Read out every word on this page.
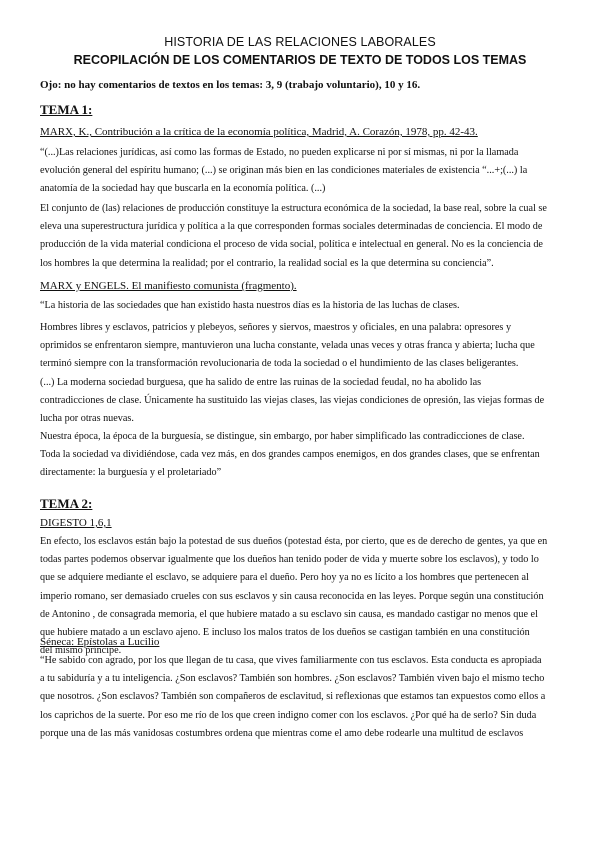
HISTORIA DE LAS RELACIONES LABORALES
RECOPILACIÓN DE LOS COMENTARIOS DE TEXTO DE TODOS LOS TEMAS
Ojo: no hay comentarios de textos en los temas: 3, 9 (trabajo voluntario), 10 y 16.
TEMA 1:
MARX, K., Contribución a la crítica de la economía política, Madrid, A. Corazón, 1978, pp. 42-43.
“(...)Las relaciones jurídicas, así como las formas de Estado, no pueden explicarse ni por sí mismas, ni por la llamada
evolución general del espíritu humano; (...) se originan más bien en las condiciones materiales de existencia “...+;(...) la
anatomía de la sociedad hay que buscarla en la economía política. (...)
El conjunto de (las) relaciones de producción constituye la estructura económica de la sociedad, la base real, sobre la cual se
eleva una superestructura jurídica y política a la que corresponden formas sociales determinadas de conciencia. El modo de
producción de la vida material condiciona el proceso de vida social, política e intelectual en general. No es la conciencia de
los hombres la que determina la realidad; por el contrario, la realidad social es la que determina su conciencia”.
MARX y ENGELS. El manifiesto comunista (fragmento).
“La historia de las sociedades que han existido hasta nuestros días es la historia de las luchas de clases.
Hombres libres y esclavos, patricios y plebeyos, señores y siervos, maestros y oficiales, en una palabra: opresores y
oprimidos se enfrentaron siempre, mantuvieron una lucha constante, velada unas veces y otras franca y abierta; lucha que
terminó siempre con la transformación revolucionaria de toda la sociedad o el hundimiento de las clases beligerantes.
(...) La moderna sociedad burguesa, que ha salido de entre las ruinas de la sociedad feudal, no ha abolido las
contradicciones de clase. Únicamente ha sustituido las viejas clases, las viejas condiciones de opresión, las viejas formas de
lucha por otras nuevas.
Nuestra época, la época de la burguesía, se distingue, sin embargo, por haber simplificado las contradicciones de clase.
Toda la sociedad va dividiéndose, cada vez más, en dos grandes campos enemigos, en dos grandes clases, que se enfrentan
directamente: la burguesía y el proletariado”
TEMA 2:
DIGESTO 1,6,1
En efecto, los esclavos están bajo la potestad de sus dueños (potestad ésta, por cierto, que es de derecho de gentes, ya que en
todas partes podemos observar igualmente que los dueños han tenido poder de vida y muerte sobre los esclavos), y todo lo
que se adquiere mediante el esclavo, se adquiere para el dueño. Pero hoy ya no es lícito a los hombres que pertenecen al
imperio romano, ser demasiado crueles con sus esclavos y sin causa reconocida en las leyes. Porque según una constitución
de Antonino , de consagrada memoria, el que hubiere matado a su esclavo sin causa, es mandado castigar no menos que el
que hubiere matado a un esclavo ajeno. E incluso los malos tratos de los dueños se castigan también en una constitución
del mismo príncipe.
Séneca: Epístolas a Lucilio
“He sabido con agrado, por los que llegan de tu casa, que vives familiarmente con tus esclavos. Esta conducta es apropiada
a tu sabiduría y a tu inteligencia. ¿Son esclavos? También son hombres. ¿Son esclavos? También viven bajo el mismo techo
que nosotros. ¿Son esclavos? También son compañeros de esclavitud, si reflexionas que estamos tan expuestos como ellos a
los caprichos de la suerte. Por eso me río de los que creen indigno comer con los esclavos. ¿Por qué ha de serlo? Sin duda
porque una de las más vanidosas costumbres ordena que mientras come el amo debe rodearle una multitud de esclavos
